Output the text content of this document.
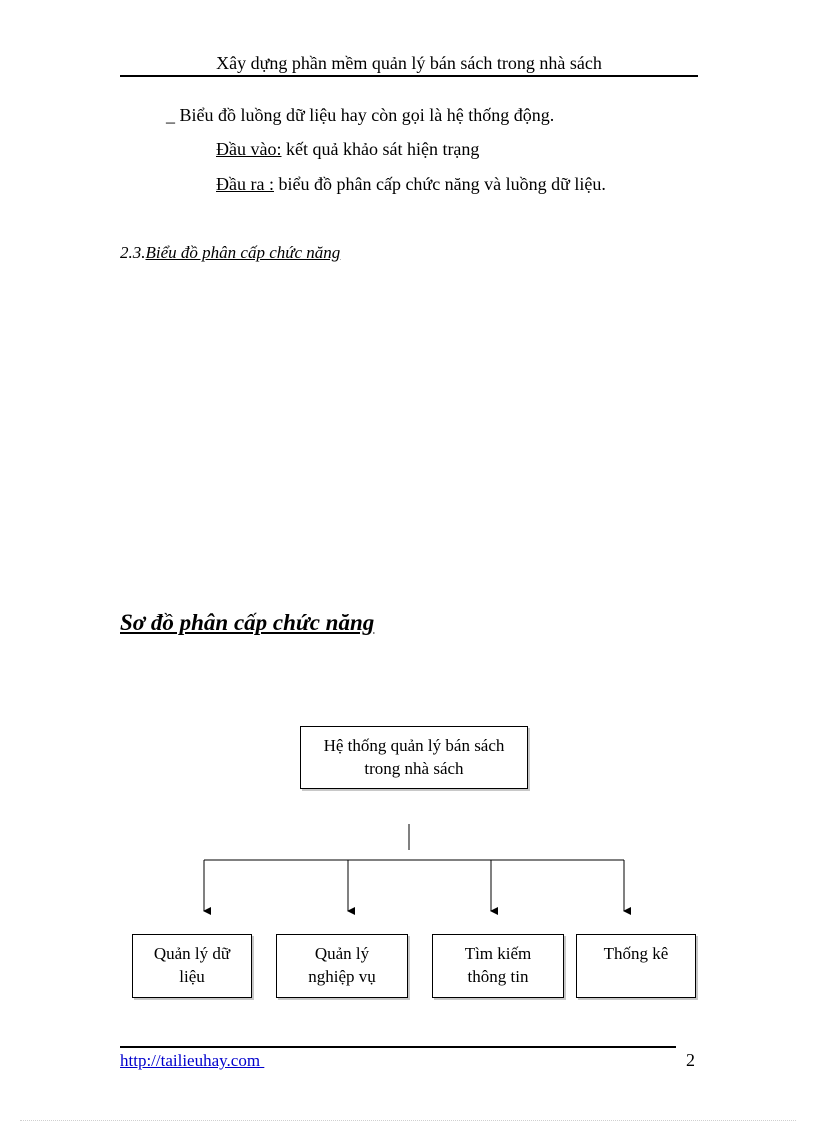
Xây dựng phần mềm quản lý bán sách trong nhà sách
_ Biểu đồ luồng dữ liệu hay còn gọi là hệ thống động.
Đầu vào: kết quả khảo sát hiện trạng
Đầu ra : biểu đồ phân cấp chức năng và luồng dữ liệu.
2.3.Biểu đồ phân cấp chức năng
Sơ đồ phân cấp chức năng
Hệ thống quản lý bán sách
trong nhà sách
Quản lý dữ
liệu
Quản lý
nghiệp vụ
Tìm kiếm
thông tin
Thống kê
http://tailieuhay.com	2
